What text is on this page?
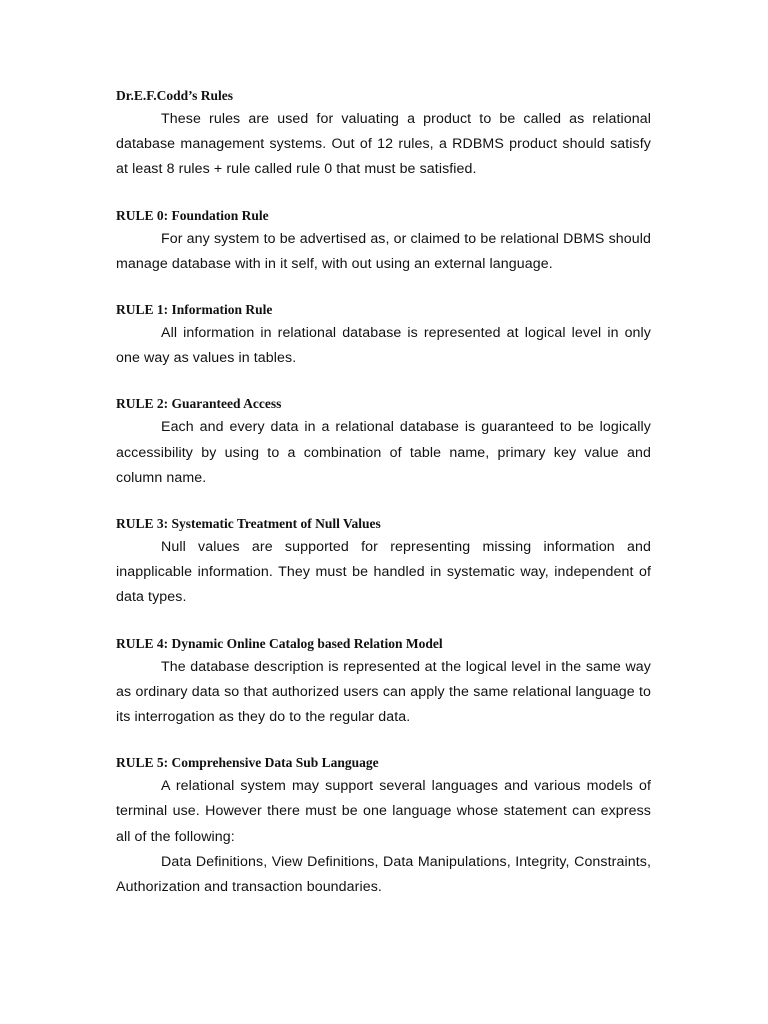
Dr.E.F.Codd’s Rules

These rules are used for valuating a product to be called as relational database management systems. Out of 12 rules, a RDBMS product should satisfy at least 8 rules + rule called rule 0 that must be satisfied.

RULE 0: Foundation Rule

For any system to be advertised as, or claimed to be relational DBMS should manage database with in it self, with out using an external language.

RULE 1: Information Rule

All information in relational database is represented at logical level in only one way as values in tables.

RULE 2: Guaranteed Access

Each and every data in a relational database is guaranteed to be logically accessibility by using to a combination of table name, primary key value and column name.

RULE 3: Systematic Treatment of Null Values

Null values are supported for representing missing information and inapplicable information. They must be handled in systematic way, independent of data types.

RULE 4: Dynamic Online Catalog based Relation Model

The database description is represented at the logical level in the same way as ordinary data so that authorized users can apply the same relational language to its interrogation as they do to the regular data.

RULE 5: Comprehensive Data Sub Language

A relational system may support several languages and various models of terminal use. However there must be one language whose statement can express all of the following:

Data Definitions, View Definitions, Data Manipulations, Integrity, Constraints, Authorization and transaction boundaries.
